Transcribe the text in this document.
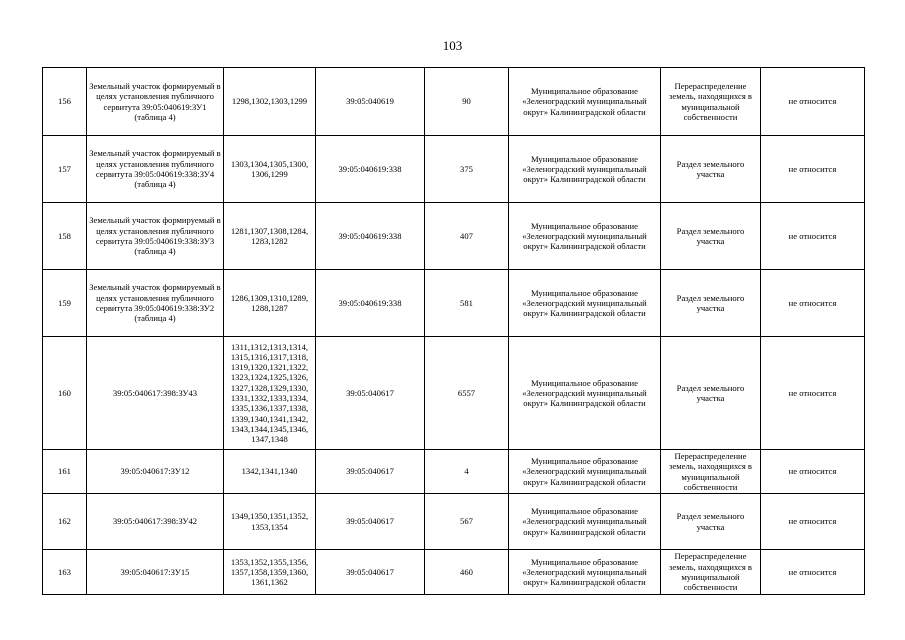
103
156	Земельный участок формируемый в целях установления публичного сервитута 39:05:040619:ЗУ1 (таблица 4)	1298,1302,1303,1299	39:05:040619	90	Муниципальное образование «Зеленоградский муниципальный округ» Калининградской области	Перераспределение земель, находящихся в муниципальной собственности	не относится
157	Земельный участок формируемый в целях установления публичного сервитута 39:05:040619:338:ЗУ4 (таблица 4)	1303,1304,1305,1300, 1306,1299	39:05:040619:338	375	Муниципальное образование «Зеленоградский муниципальный округ» Калининградской области	Раздел земельного участка	не относится
158	Земельный участок формируемый в целях установления публичного сервитута 39:05:040619:338:ЗУ3 (таблица 4)	1281,1307,1308,1284, 1283,1282	39:05:040619:338	407	Муниципальное образование «Зеленоградский муниципальный округ» Калининградской области	Раздел земельного участка	не относится
159	Земельный участок формируемый в целях установления публичного сервитута 39:05:040619:338:ЗУ2 (таблица 4)	1286,1309,1310,1289, 1288,1287	39:05:040619:338	581	Муниципальное образование «Зеленоградский муниципальный округ» Калининградской области	Раздел земельного участка	не относится
160	39:05:040617:398:ЗУ43	1311,1312,1313,1314, 1315,1316,1317,1318, 1319,1320,1321,1322, 1323,1324,1325,1326, 1327,1328,1329,1330, 1331,1332,1333,1334, 1335,1336,1337,1338, 1339,1340,1341,1342, 1343,1344,1345,1346, 1347,1348	39:05:040617	6557	Муниципальное образование «Зеленоградский муниципальный округ» Калининградской области	Раздел земельного участка	не относится
161	39:05:040617:ЗУ12	1342,1341,1340	39:05:040617	4	Муниципальное образование «Зеленоградский муниципальный округ» Калининградской области	Перераспределение земель, находящихся в муниципальной собственности	не относится
162	39:05:040617:398:ЗУ42	1349,1350,1351,1352, 1353,1354	39:05:040617	567	Муниципальное образование «Зеленоградский муниципальный округ» Калининградской области	Раздел земельного участка	не относится
163	39:05:040617:ЗУ15	1353,1352,1355,1356, 1357,1358,1359,1360, 1361,1362	39:05:040617	460	Муниципальное образование «Зеленоградский муниципальный округ» Калининградской области	Перераспределение земель, находящихся в муниципальной собственности	не относится
